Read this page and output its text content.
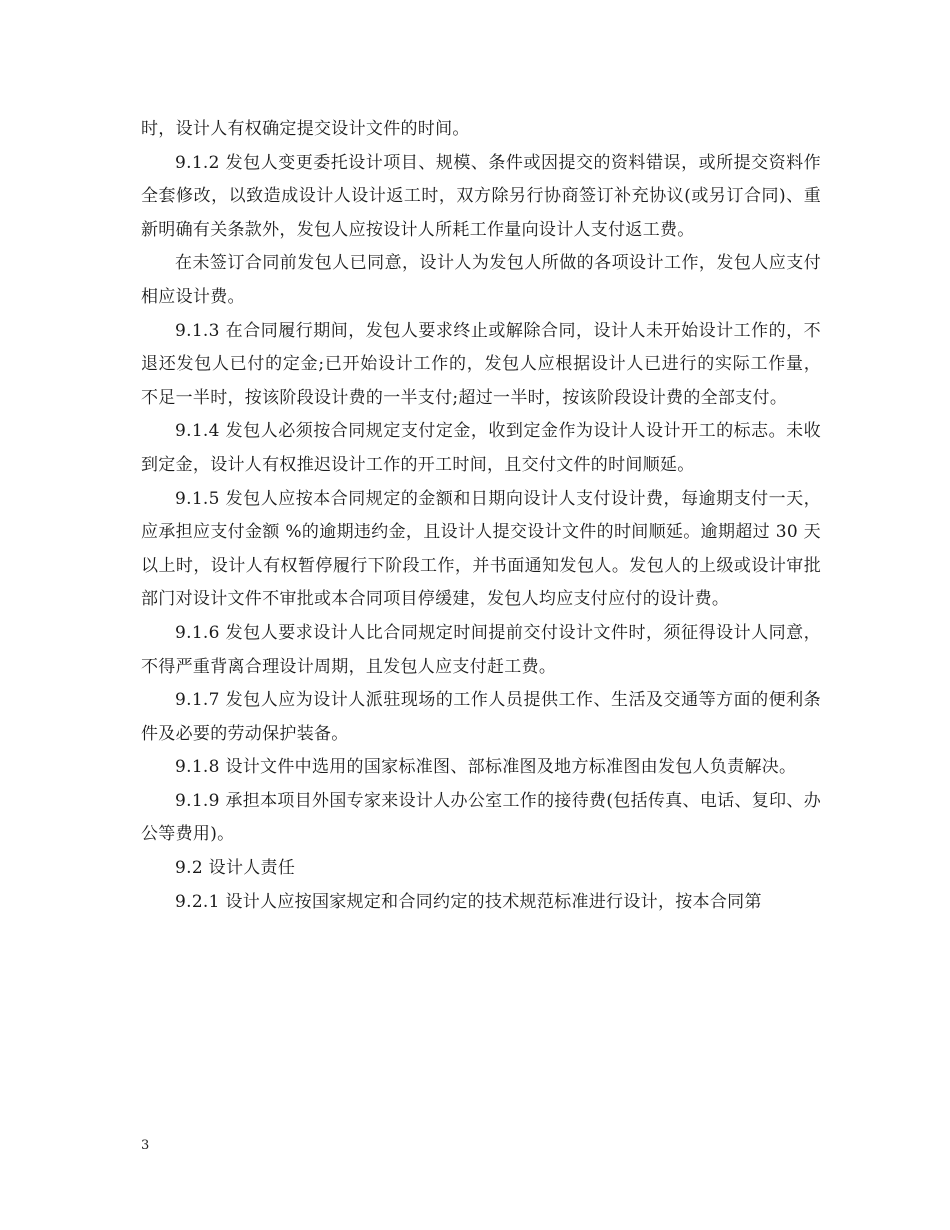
时，设计人有权确定提交设计文件的时间。

9.1.2 发包人变更委托设计项目、规模、条件或因提交的资料错误，或所提交资料作全套修改，以致造成设计人设计返工时，双方除另行协商签订补充协议(或另订合同)、重新明确有关条款外，发包人应按设计人所耗工作量向设计人支付返工费。

在未签订合同前发包人已同意，设计人为发包人所做的各项设计工作，发包人应支付相应设计费。

9.1.3 在合同履行期间，发包人要求终止或解除合同，设计人未开始设计工作的，不退还发包人已付的定金;已开始设计工作的，发包人应根据设计人已进行的实际工作量，不足一半时，按该阶段设计费的一半支付;超过一半时，按该阶段设计费的全部支付。

9.1.4 发包人必须按合同规定支付定金，收到定金作为设计人设计开工的标志。未收到定金，设计人有权推迟设计工作的开工时间，且交付文件的时间顺延。

9.1.5 发包人应按本合同规定的金额和日期向设计人支付设计费，每逾期支付一天，应承担应支付金额 %的逾期违约金，且设计人提交设计文件的时间顺延。逾期超过 30 天以上时，设计人有权暂停履行下阶段工作，并书面通知发包人。发包人的上级或设计审批部门对设计文件不审批或本合同项目停缓建，发包人均应支付应付的设计费。

9.1.6 发包人要求设计人比合同规定时间提前交付设计文件时，须征得设计人同意，不得严重背离合理设计周期，且发包人应支付赶工费。

9.1.7 发包人应为设计人派驻现场的工作人员提供工作、生活及交通等方面的便利条件及必要的劳动保护装备。

9.1.8 设计文件中选用的国家标准图、部标准图及地方标准图由发包人负责解决。

9.1.9 承担本项目外国专家来设计人办公室工作的接待费(包括传真、电话、复印、办公等费用)。

9.2 设计人责任

9.2.1 设计人应按国家规定和合同约定的技术规范标准进行设计，按本合同第

3
